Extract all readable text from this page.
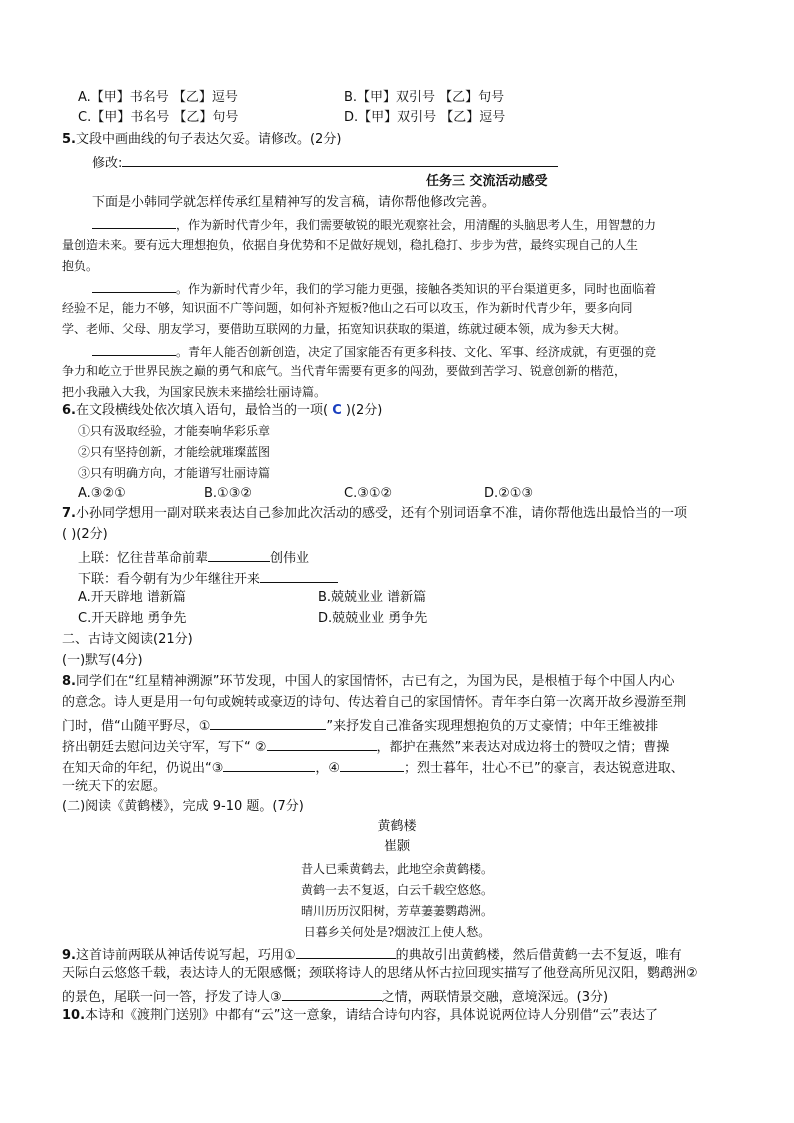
A.【甲】书名号 【乙】逗号	B.【甲】双引号 【乙】句号
C.【甲】书名号 【乙】句号	D.【甲】双引号 【乙】逗号
5.文段中画曲线的句子表达欠妥。请修改。(2分)
修改:
任务三 交流活动感受
下面是小韩同学就怎样传承红星精神写的发言稿，请你帮他修改完善。
，作为新时代青少年，我们需要敏锐的眼光观察社会，用清醒的头脑思考人生，用智慧的力
量创造未来。要有远大理想抱负，依据自身优势和不足做好规划，稳扎稳打、步步为营，最终实现自己的人生
抱负。
。作为新时代青少年，我们的学习能力更强，接触各类知识的平台渠道更多，同时也面临着
经验不足，能力不够，知识面不广等问题，如何补齐短板?他山之石可以攻玉，作为新时代青少年，要多向同
学、老师、父母、朋友学习，要借助互联网的力量，拓宽知识获取的渠道，练就过硬本领，成为参天大树。
。青年人能否创新创造，决定了国家能否有更多科技、文化、军事、经济成就，有更强的竞
争力和屹立于世界民族之巅的勇气和底气。当代青年需要有更多的闯劲，要做到苦学习、锐意创新的楷范，
把小我融入大我，为国家民族未来描绘壮丽诗篇。
6.在文段横线处依次填入语句，最恰当的一项( C )(2分)
①只有汲取经验，才能奏响华彩乐章
②只有坚持创新，才能绘就璀璨蓝图
③只有明确方向，才能谱写壮丽诗篇
A.③②①	B.①③②	C.③①②	D.②①③
7.小孙同学想用一副对联来表达自己参加此次活动的感受，还有个别词语拿不准，请你帮他选出最恰当的一项
( )(2分)
上联：忆往昔革命前辈	创伟业
下联：看今朝有为少年继往开来
A.开天辟地 谱新篇	B.兢兢业业 谱新篇
C.开天辟地 勇争先	D.兢兢业业 勇争先
二、古诗文阅读(21分)
(一)默写(4分)
8.同学们在“红星精神溯源”环节发现，中国人的家国情怀，古已有之，为国为民，是根植于每个中国人内心
的意念。诗人更是用一句句或婉转或豪迈的诗句、传达着自己的家国情怀。青年李白第一次离开故乡漫游至荆
门时，借“山随平野尽，①	”来抒发自己准备实现理想抱负的万丈豪情；中年王维被排
挤出朝廷去慰问边关守军，写下“ ②	，都护在燕然”来表达对成边将士的赞叹之情；曹操
在知天命的年纪，仍说出“③	，④	；烈士暮年，壮心不已”的豪言，表达锐意进取、
一统天下的宏愿。
(二)阅读《黄鹤楼》，完成 9-10 题。(7分)
黄鹤楼
崔颢
昔人已乘黄鹤去，此地空余黄鹤楼。
黄鹤一去不复返，白云千载空悠悠。
晴川历历汉阳树，芳草萋萋鹦鹉洲。
日暮乡关何处是?烟波江上使人愁。
9.这首诗前两联从神话传说写起，巧用①	的典故引出黄鹤楼，然后借黄鹤一去不复返，唯有
天际白云悠悠千载，表达诗人的无限感慨；颈联将诗人的思绪从怀古拉回现实描写了他登高所见汉阳，鹦鹉洲②
的景色，尾联一问一答，抒发了诗人③	之情，两联情景交融，意境深远。(3分)
10.本诗和《渡荆门送别》中都有“云”这一意象，请结合诗句内容，具体说说两位诗人分别借“云”表达了
